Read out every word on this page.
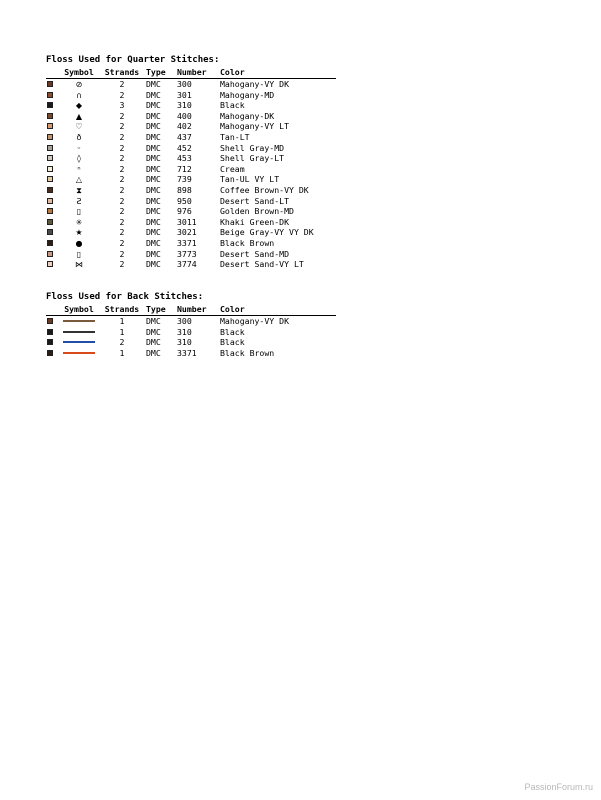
Floss Used for Quarter Stitches:
Symbol	Strands Type Number Color
⊘	2	DMC 300	Mahogany-VY DK
∩	2	DMC 301	Mahogany-MD
◆	3	DMC 310	Black
▲	2	DMC 400	Mahogany-DK
♡	2	DMC 402	Mahogany-VY LT
ð	2	DMC 437	Tan-LT
ᵕ	2	DMC 452	Shell Gray-MD
◊	2	DMC 453	Shell Gray-LT
ⁿ	2	DMC 712	Cream
△	2	DMC 739	Tan-UL VY LT
⧗	2	DMC 898	Coffee Brown-VY DK
Ƨ	2	DMC 950	Desert Sand-LT
▯	2	DMC 976	Golden Brown-MD
✳	2	DMC 3011	Khaki Green-DK
★	2	DMC 3021	Beige Gray-VY VY DK
●	2	DMC 3371	Black Brown
▯	2	DMC 3773	Desert Sand-MD
⋈	2	DMC 3774	Desert Sand-VY LT
Floss Used for Back Stitches:
Symbol	Strands Type Number Color
1	DMC 300	Mahogany-VY DK
1	DMC 310	Black
2	DMC 310	Black
1	DMC 3371	Black Brown
PassionForum.ru
